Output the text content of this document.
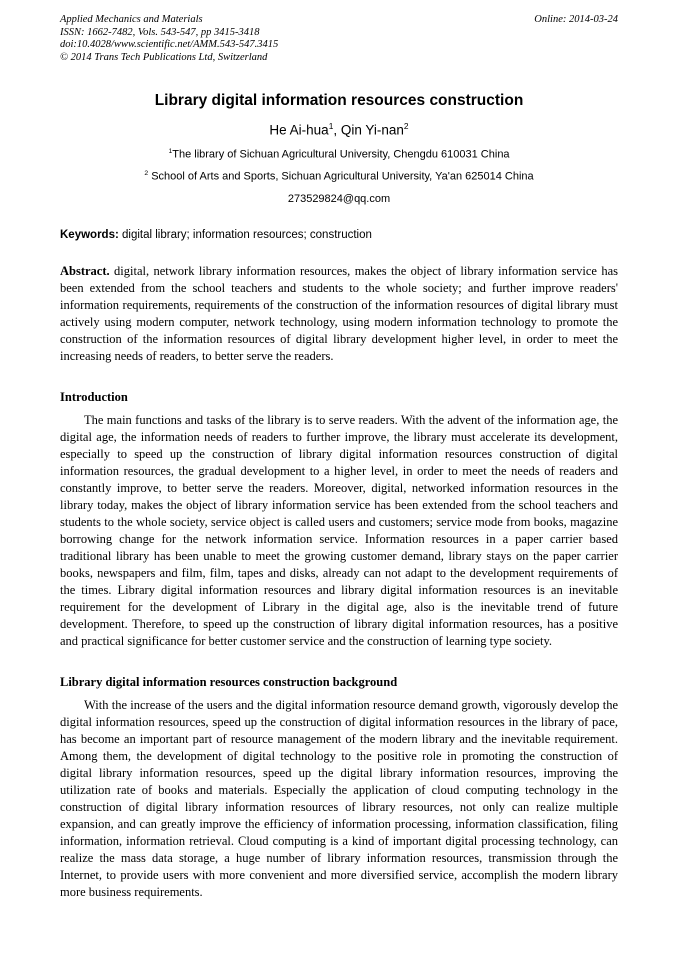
Applied Mechanics and Materials
ISSN: 1662-7482, Vols. 543-547, pp 3415-3418
doi:10.4028/www.scientific.net/AMM.543-547.3415
© 2014 Trans Tech Publications Ltd, Switzerland
Online: 2014-03-24
Library digital information resources construction
He Ai-hua$^1$, Qin Yi-nan$^2$
$^1$The library of Sichuan Agricultural University, Chengdu 610031 China
$^2$ School of Arts and Sports, Sichuan Agricultural University, Ya'an 625014 China
273529824@qq.com
Keywords: digital library; information resources; construction

Abstract. digital, network library information resources, makes the object of library information service has been extended from the school teachers and students to the whole society; and further improve readers' information requirements, requirements of the construction of the information resources of digital library must actively using modern computer, network technology, using modern information technology to promote the construction of the information resources of digital library development higher level, in order to meet the increasing needs of readers, to better serve the readers.

Introduction

The main functions and tasks of the library is to serve readers. With the advent of the information age, the digital age, the information needs of readers to further improve, the library must accelerate its development, especially to speed up the construction of library digital information resources construction of digital information resources, the gradual development to a higher level, in order to meet the needs of readers and constantly improve, to better serve the readers. Moreover, digital, networked information resources in the library today, makes the object of library information service has been extended from the school teachers and students to the whole society, service object is called users and customers; service mode from books, magazine borrowing change for the network information service. Information resources in a paper carrier based traditional library has been unable to meet the growing customer demand, library stays on the paper carrier books, newspapers and film, film, tapes and disks, already can not adapt to the development requirements of the times. Library digital information resources and library digital information resources is an inevitable requirement for the development of Library in the digital age, also is the inevitable trend of future development. Therefore, to speed up the construction of library digital information resources, has a positive and practical significance for better customer service and the construction of learning type society.

Library digital information resources construction background

With the increase of the users and the digital information resource demand growth, vigorously develop the digital information resources, speed up the construction of digital information resources in the library of pace, has become an important part of resource management of the modern library and the inevitable requirement. Among them, the development of digital technology to the positive role in promoting the construction of digital library information resources, speed up the digital library information resources, improving the utilization rate of books and materials. Especially the application of cloud computing technology in the construction of digital library information resources of library resources, not only can realize multiple expansion, and can greatly improve the efficiency of information processing, information classification, filing information, information retrieval. Cloud computing is a kind of important digital processing technology, can realize the mass data storage, a huge number of library information resources, transmission through the Internet, to provide users with more convenient and more diversified service, accomplish the modern library more business requirements.
